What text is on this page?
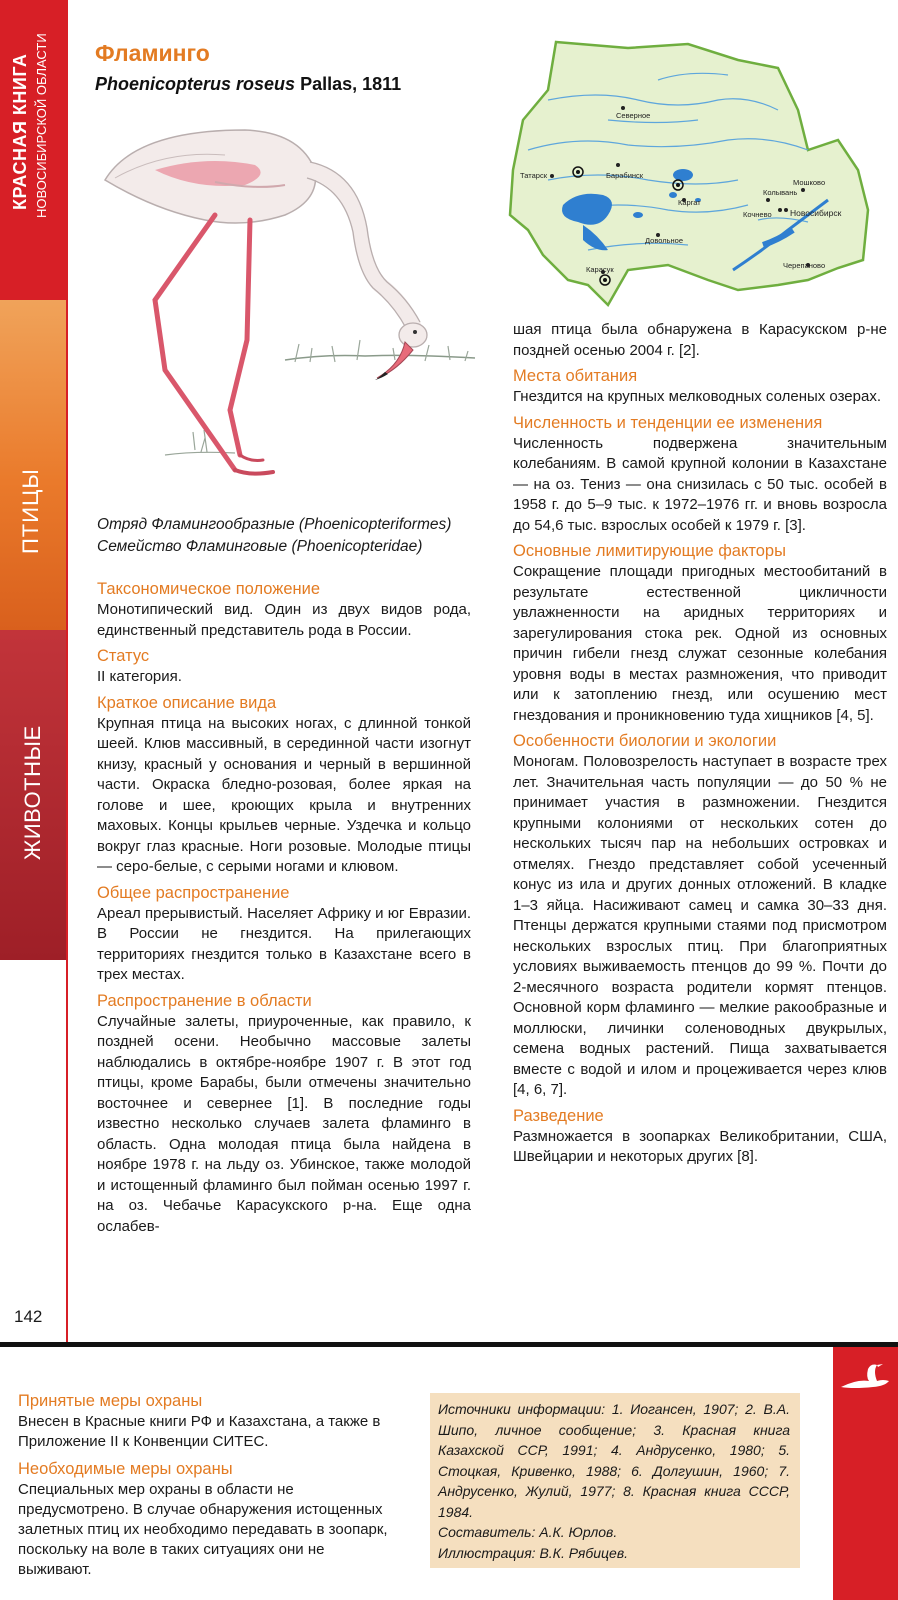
КРАСНАЯ КНИГА НОВОСИБИРСКОЙ ОБЛАСТИ
ПТИЦЫ
ЖИВОТНЫЕ
142
Фламинго
Phoenicopterus roseus Pallas, 1811
Отряд Фламингообразные (Phoenicopteriformes)
Семейство Фламинговые (Phoenicopteridae)
Северное
Татарск	Барабинск
Каргат
Колывань
Мошково
Кочнево Новосибирск
Довольное
Черепаново
Карасук
Таксономическое положение

Монотипический вид. Один из двух видов рода, единственный представитель рода в России.

Статус

II категория.

Краткое описание вида

Крупная птица на высоких ногах, с длинной тонкой шеей. Клюв массивный, в серединной части изогнут книзу, красный у основания и черный в вершинной части. Окраска бледно-розовая, более яркая на голове и шее, кроющих крыла и внутренних маховых. Концы крыльев черные. Уздечка и кольцо вокруг глаз красные. Ноги розовые. Молодые птицы — серо-белые, с серыми ногами и клювом.

Общее распространение

Ареал прерывистый. Населяет Африку и юг Евразии. В России не гнездится. На прилегающих территориях гнездится только в Казахстане всего в трех местах.

Распространение в области

Случайные залеты, приуроченные, как правило, к поздней осени. Необычно массовые залеты наблюдались в октябре-ноябре 1907 г. В этот год птицы, кроме Барабы, были отмечены значительно восточнее и севернее [1]. В последние годы известно несколько случаев залета фламинго в область. Одна молодая птица была найдена в ноябре 1978 г. на льду оз. Убинское, также молодой и истощенный фламинго был пойман осенью 1997 г. на оз. Чебачье Карасукского р-на. Еще одна ослабев-

шая птица была обнаружена в Карасукском р-не поздней осенью 2004 г. [2].

Места обитания

Гнездится на крупных мелководных соленых озерах.

Численность и тенденции ее изменения

Численность подвержена значительным колебаниям. В самой крупной колонии в Казахстане — на оз. Тениз — она снизилась с 50 тыс. особей в 1958 г. до 5–9 тыс. к 1972–1976 гг. и вновь возросла до 54,6 тыс. взрослых особей к 1979 г. [3].

Основные лимитирующие факторы

Сокращение площади пригодных местообитаний в результате естественной цикличности увлажненности на аридных территориях и зарегулирования стока рек. Одной из основных причин гибели гнезд служат сезонные колебания уровня воды в местах размножения, что приводит или к затоплению гнезд, или осушению мест гнездования и проникновению туда хищников [4, 5].

Особенности биологии и экологии

Моногам. Половозрелость наступает в возрасте трех лет. Значительная часть популяции — до 50 % не принимает участия в размножении. Гнездится крупными колониями от нескольких сотен до нескольких тысяч пар на небольших островках и отмелях. Гнездо представляет собой усеченный конус из ила и других донных отложений. В кладке 1–3 яйца. Насиживают самец и самка 30–33 дня. Птенцы держатся крупными стаями под присмотром нескольких взрослых птиц. При благоприятных условиях выживаемость птенцов до 99 %. Почти до 2-месячного возраста родители кормят птенцов. Основной корм фламинго — мелкие ракообразные и моллюски, личинки соленоводных двукрылых, семена водных растений. Пища захватывается вместе с водой и илом и процеживается через клюв [4, 6, 7].

Разведение

Размножается в зоопарках Великобритании, США, Швейцарии и некоторых других [8].

Принятые меры охраны

Внесен в Красные книги РФ и Казахстана, а также в Приложение II к Конвенции СИТЕС.

Необходимые меры охраны

Специальных мер охраны в области не предусмотрено. В случае обнаружения истощенных залетных птиц их необходимо передавать в зоопарк, поскольку на воле в таких ситуациях они не выживают.

Источники информации: 1. Иогансен, 1907; 2. В.А. Шипо, личное сообщение; 3. Красная книга Казахской ССР, 1991; 4. Андрусенко, 1980; 5. Стоцкая, Кривенко, 1988; 6. Долгушин, 1960; 7. Андрусенко, Жулий, 1977; 8. Красная книга СССР, 1984.

Составитель: А.К. Юрлов.

Иллюстрация: В.К. Рябицев.
